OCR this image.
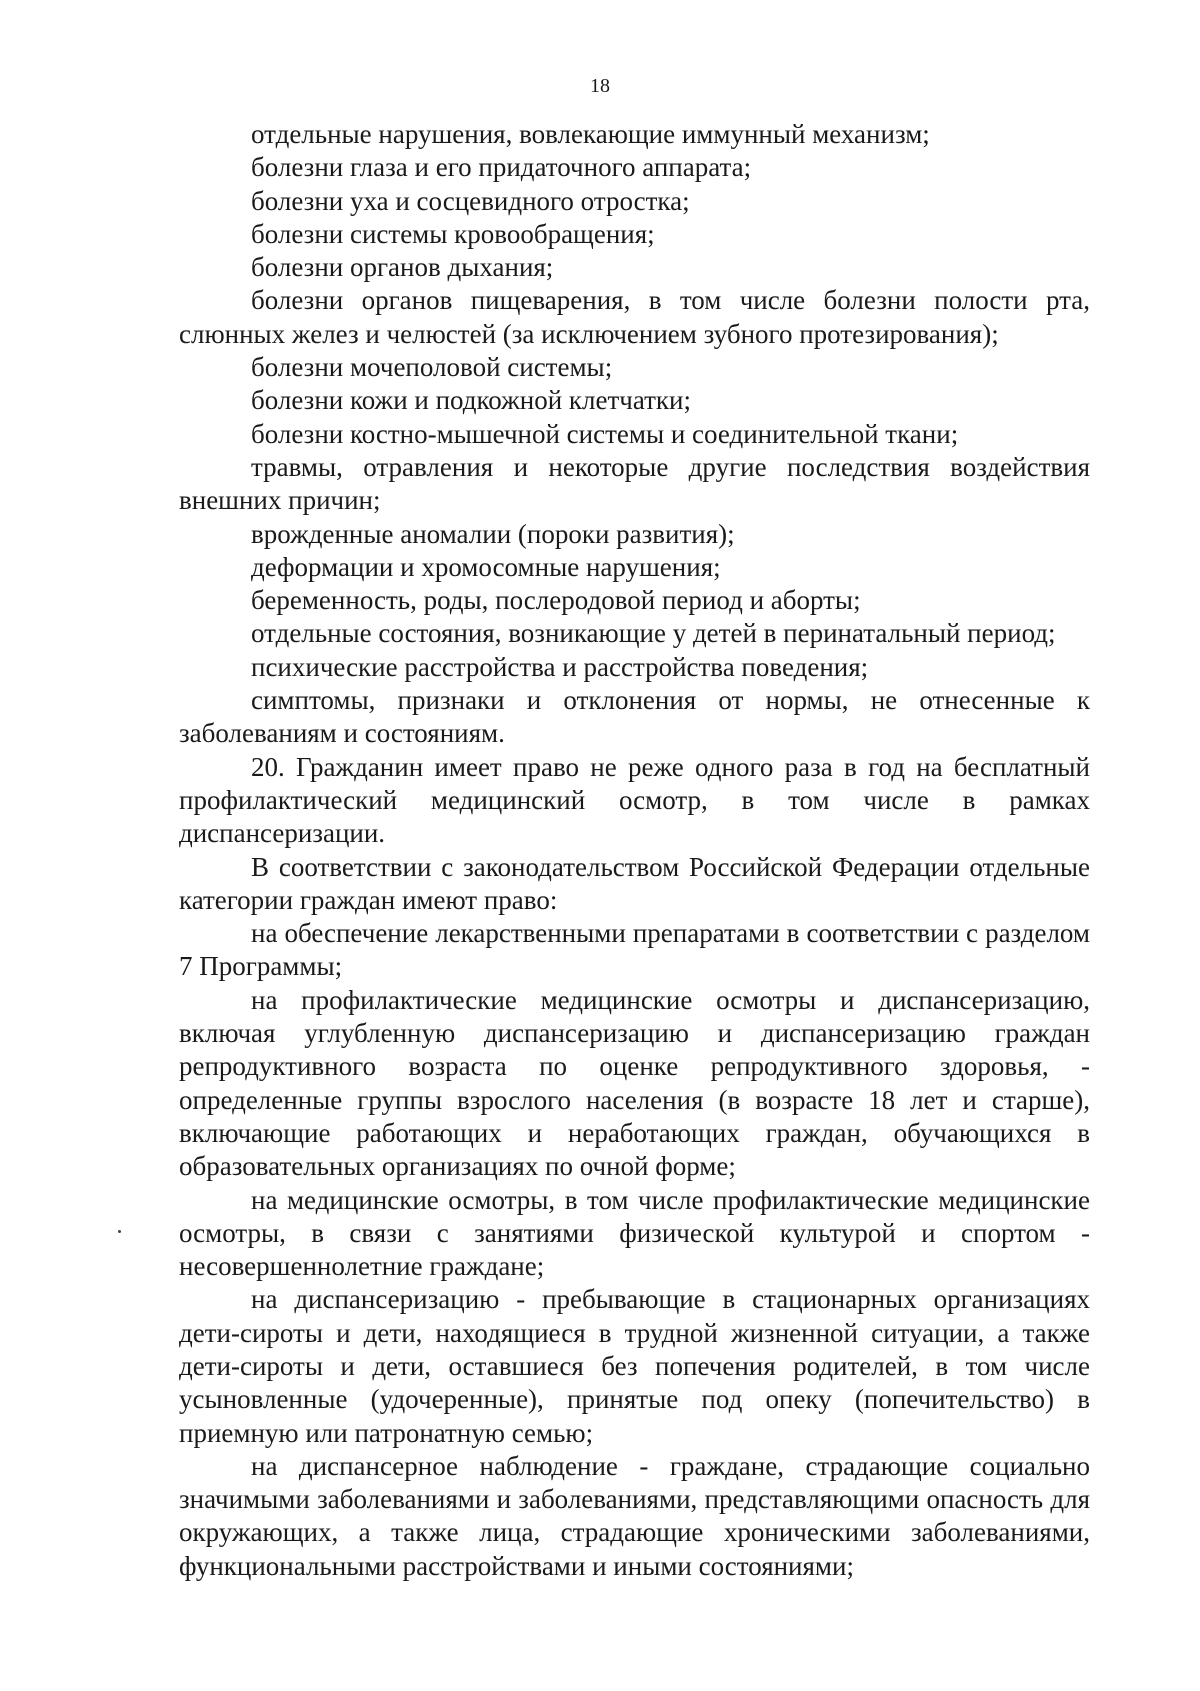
18

отдельные нарушения, вовлекающие иммунный механизм;

болезни глаза и его придаточного аппарата;

болезни уха и сосцевидного отростка;

болезни системы кровообращения;

болезни органов дыхания;

болезни органов пищеварения, в том числе болезни полости рта, слюнных желез и челюстей (за исключением зубного протезирования);

болезни мочеполовой системы;

болезни кожи и подкожной клетчатки;

болезни костно-мышечной системы и соединительной ткани;

травмы, отравления и некоторые другие последствия воздействия внешних причин;

врожденные аномалии (пороки развития);

деформации и хромосомные нарушения;

беременность, роды, послеродовой период и аборты;

отдельные состояния, возникающие у детей в перинатальный период;

психические расстройства и расстройства поведения;

симптомы, признаки и отклонения от нормы, не отнесенные к заболеваниям и состояниям.

20. Гражданин имеет право не реже одного раза в год на бесплатный профилактический медицинский осмотр, в том числе в рамках диспансеризации.

В соответствии с законодательством Российской Федерации отдельные категории граждан имеют право:

на обеспечение лекарственными препаратами в соответствии с разделом 7 Программы;

на профилактические медицинские осмотры и диспансеризацию, включая углубленную диспансеризацию и диспансеризацию граждан репродуктивного возраста по оценке репродуктивного здоровья, - определенные группы взрослого населения (в возрасте 18 лет и старше), включающие работающих и неработающих граждан, обучающихся в образовательных организациях по очной форме;

на медицинские осмотры, в том числе профилактические медицинские осмотры, в связи с занятиями физической культурой и спортом - несовершеннолетние граждане;

на диспансеризацию - пребывающие в стационарных организациях дети-сироты и дети, находящиеся в трудной жизненной ситуации, а также дети-сироты и дети, оставшиеся без попечения родителей, в том числе усыновленные (удочеренные), принятые под опеку (попечительство) в приемную или патронатную семью;

на диспансерное наблюдение - граждане, страдающие социально значимыми заболеваниями и заболеваниями, представляющими опасность для окружающих, а также лица, страдающие хроническими заболеваниями, функциональными расстройствами и иными состояниями;
